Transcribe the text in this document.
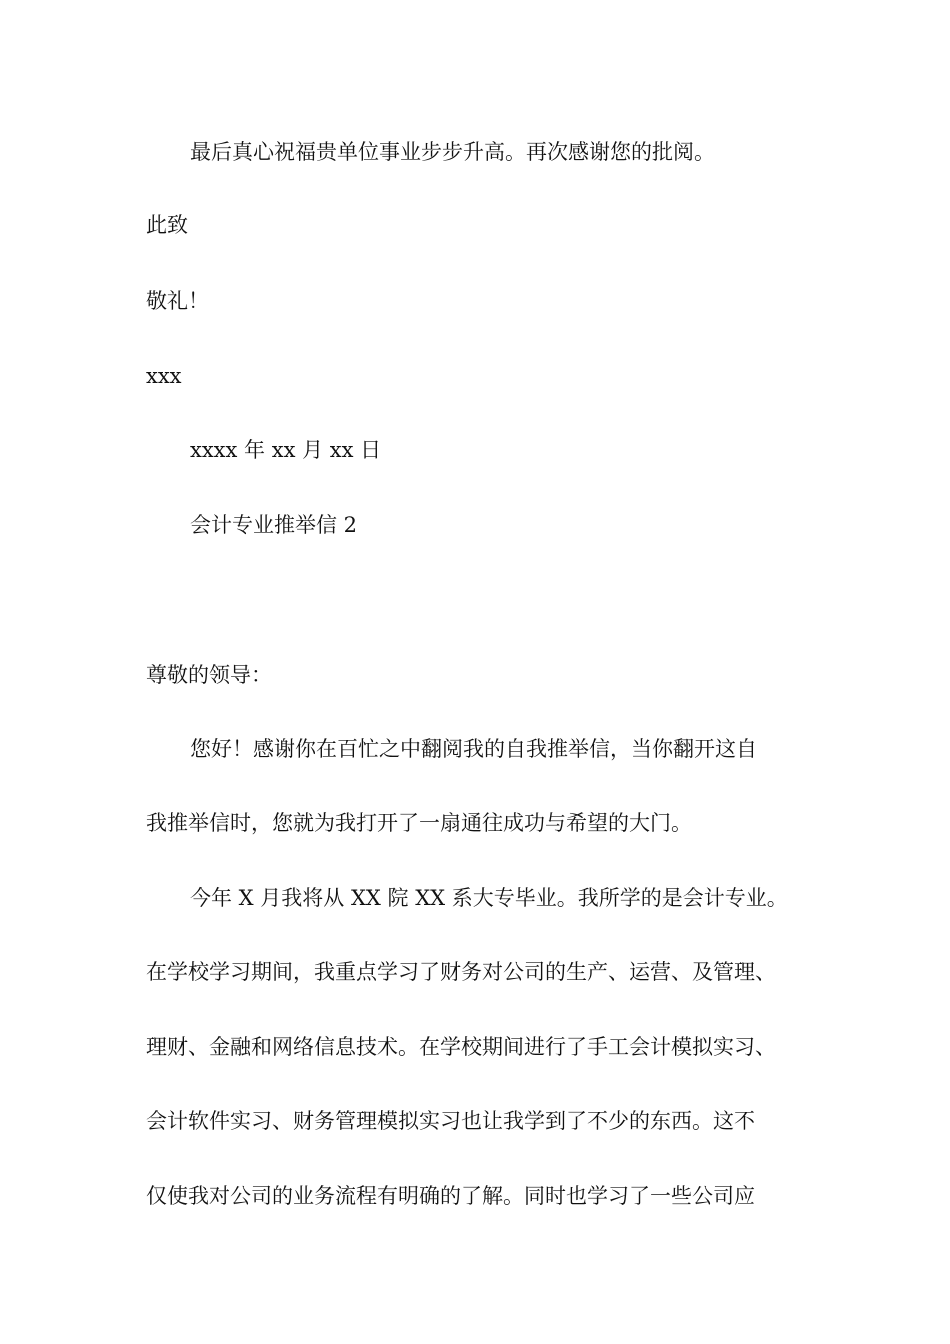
最后真心祝福贵单位事业步步升高。再次感谢您的批阅。
此致
敬礼！
xxx
xxxx 年 xx 月 xx 日
会计专业推举信 2
尊敬的领导：
您好！感谢你在百忙之中翻阅我的自我推举信，当你翻开这自
我推举信时，您就为我打开了一扇通往成功与希望的大门。
今年 X 月我将从 XX 院 XX 系大专毕业。我所学的是会计专业。
在学校学习期间，我重点学习了财务对公司的生产、运营、及管理、
理财、金融和网络信息技术。在学校期间进行了手工会计模拟实习、
会计软件实习、财务管理模拟实习也让我学到了不少的东西。这不
仅使我对公司的业务流程有明确的了解。同时也学习了一些公司应
